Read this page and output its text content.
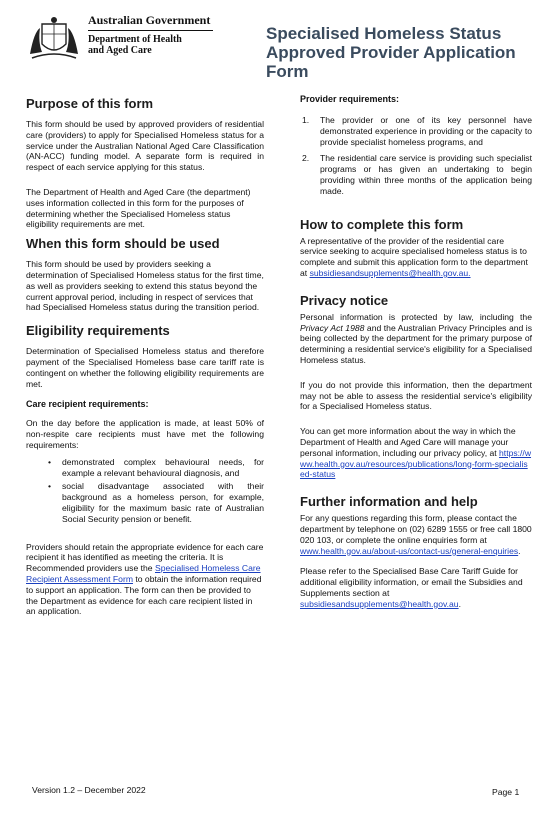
Australian Government
Department of Health
and Aged Care
Specialised Homeless Status Approved Provider Application Form
Purpose of this form

This form should be used by approved providers of residential care (providers) to apply for Specialised Homeless status for a service under the Australian National Aged Care Classification (AN-ACC) funding model. A separate form is required in respect of each service applying for this status.

The Department of Health and Aged Care (the department) uses information collected in this form for the purposes of determining whether the Specialised Homeless status eligibility requirements are met.

When this form should be used

This form should be used by providers seeking a determination of Specialised Homeless status for the first time, as well as providers seeking to extend this status beyond the current approval period, including in respect of services that had Specialised Homeless status during the transition period.

Eligibility requirements

Determination of Specialised Homeless status and therefore payment of the Specialised Homeless base care tariff rate is contingent on whether the following eligibility requirements are met.

Care recipient requirements:

On the day before the application is made, at least 50% of non-respite care recipients must have met the following requirements:

• demonstrated complex behavioural needs, for example a relevant behavioural diagnosis, and
• social disadvantage associated with their background as a homeless person, for example, eligibility for the maximum basic rate of Australian Social Security pension or benefit.

Providers should retain the appropriate evidence for each care recipient it has identified as meeting the criteria. It is Recommended providers use the Specialised Homeless Care Recipient Assessment Form to obtain the information required to support an application. The form can then be provided to the Department as evidence for each care recipient listed in an application.

Provider requirements:
1. The provider or one of its key personnel have demonstrated experience in providing or the capacity to provide specialist homeless programs, and
2. The residential care service is providing such specialist programs or has given an undertaking to begin providing within three months of the application being made.
How to complete this form

A representative of the provider of the residential care service seeking to acquire specialised homeless status is to complete and submit this application form to the department at subsidiesandsupplements@health.gov.au.

Privacy notice

Personal information is protected by law, including the Privacy Act 1988 and the Australian Privacy Principles and is being collected by the department for the primary purpose of determining a residential service's eligibility for a Specialised Homeless status.

If you do not provide this information, then the department may not be able to assess the residential service's eligibility for a Specialised Homeless status.

You can get more information about the way in which the Department of Health and Aged Care will manage your personal information, including our privacy policy, at https://www.health.gov.au/resources/publications/long-form-specialised-status

Further information and help

For any questions regarding this form, please contact the department by telephone on (02) 6289 1555 or free call 1800 020 103, or complete the online enquiries form at www.health.gov.au/about-us/contact-us/general-enquiries.

Please refer to the Specialised Base Care Tariff Guide for additional eligibility information, or email the Subsidies and Supplements section at subsidiesandsupplements@health.gov.au.

Version 1.2 – December 2022	Page 1
